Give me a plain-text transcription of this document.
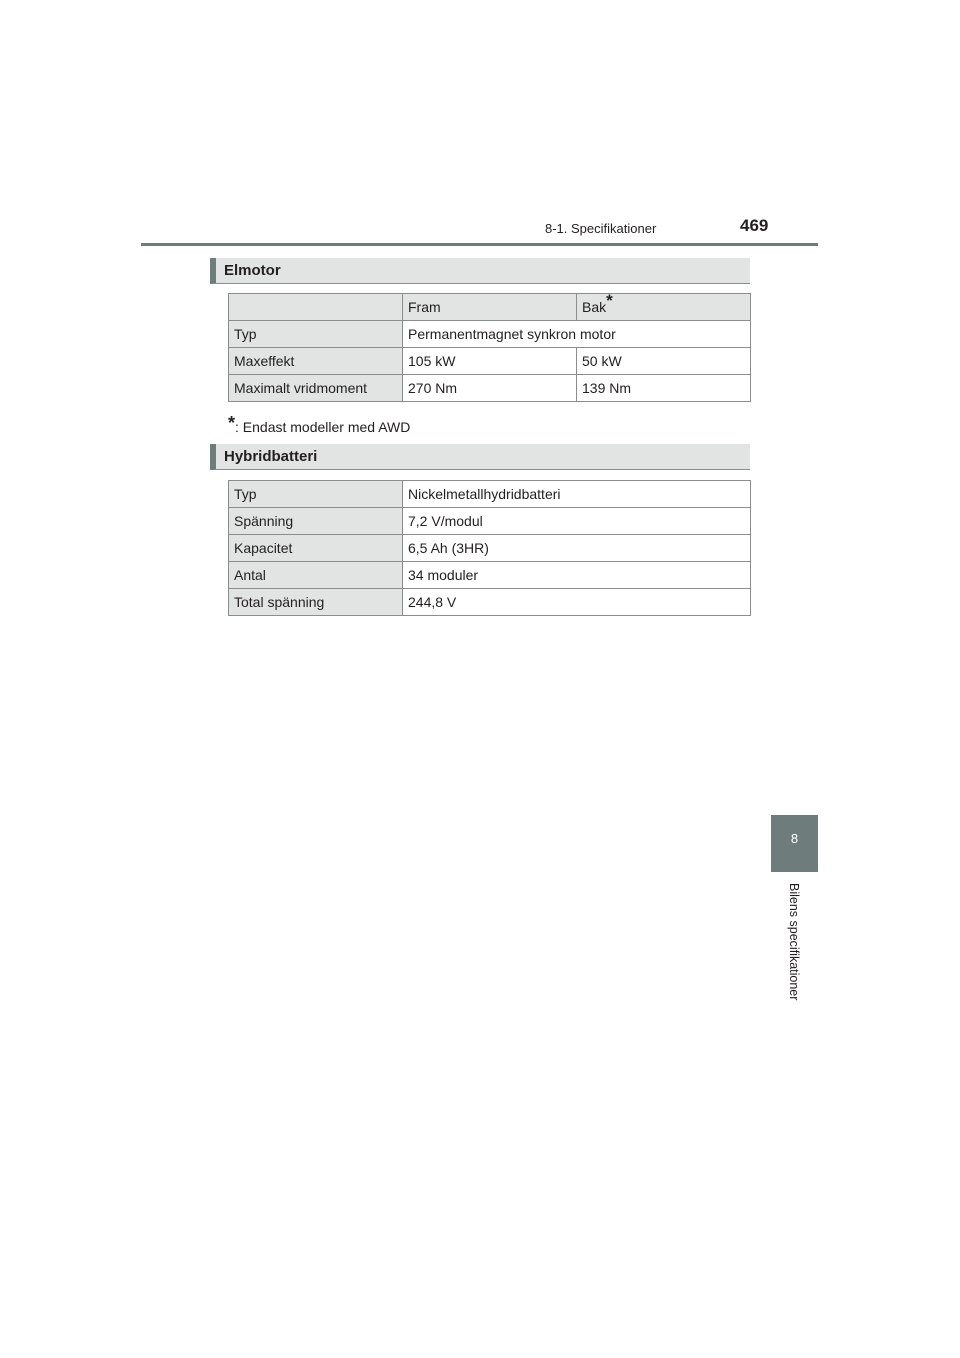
8-1. Specifikationer	469
Elmotor
	Fram	Bak*
Typ	Permanentmagnet synkron motor	
Maxeffekt	105 kW	50 kW
Maximalt vridmoment	270 Nm	139 Nm
*: Endast modeller med AWD
Hybridbatteri
Typ	Nickelmetallhydridbatteri
Spänning	7,2 V/modul
Kapacitet	6,5 Ah (3HR)
Antal	34 moduler
Total spänning	244,8 V
8
Bilens specifikationer
